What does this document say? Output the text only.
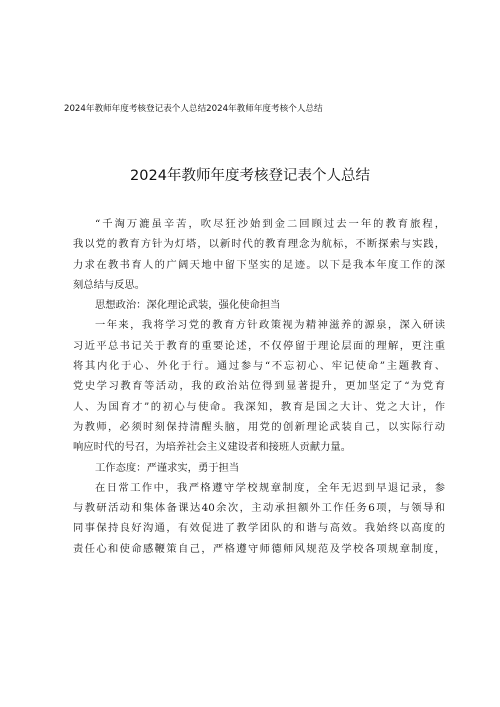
2024年教师年度考核登记表个人总结2024年教师年度考核个人总结
2024年教师年度考核登记表个人总结
“千淘万漉虽辛苦，吹尽狂沙始到金二回顾过去一年的教育旅程，
我以党的教育方针为灯塔，以新时代的教育理念为航标，不断探索与实践，
力求在教书育人的广阔天地中留下坚实的足迹。以下是我本年度工作的深
刻总结与反思。
思想政治：深化理论武装，强化使命担当
一年来，我将学习党的教育方针政策视为精神滋养的源泉，深入研读
习近平总书记关于教育的重要论述，不仅停留于理论层面的理解，更注重
将其内化于心、外化于行。通过参与“不忘初心、牢记使命”主题教育、
党史学习教育等活动，我的政治站位得到显著提升，更加坚定了“为党育
人、为国育才”的初心与使命。我深知，教育是国之大计、党之大计，作
为教师，必须时刻保持清醒头脑，用党的创新理论武装自己，以实际行动
响应时代的号召，为培养社会主义建设者和接班人贡献力量。
工作态度：严谨求实，勇于担当
在日常工作中，我严格遵守学校规章制度，全年无迟到早退记录，参
与教研活动和集体备课达40余次，主动承担额外工作任务6项，与领导和
同事保持良好沟通，有效促进了教学团队的和谐与高效。我始终以高度的
责任心和使命感鞭策自己，严格遵守师德师风规范及学校各项规章制度，
